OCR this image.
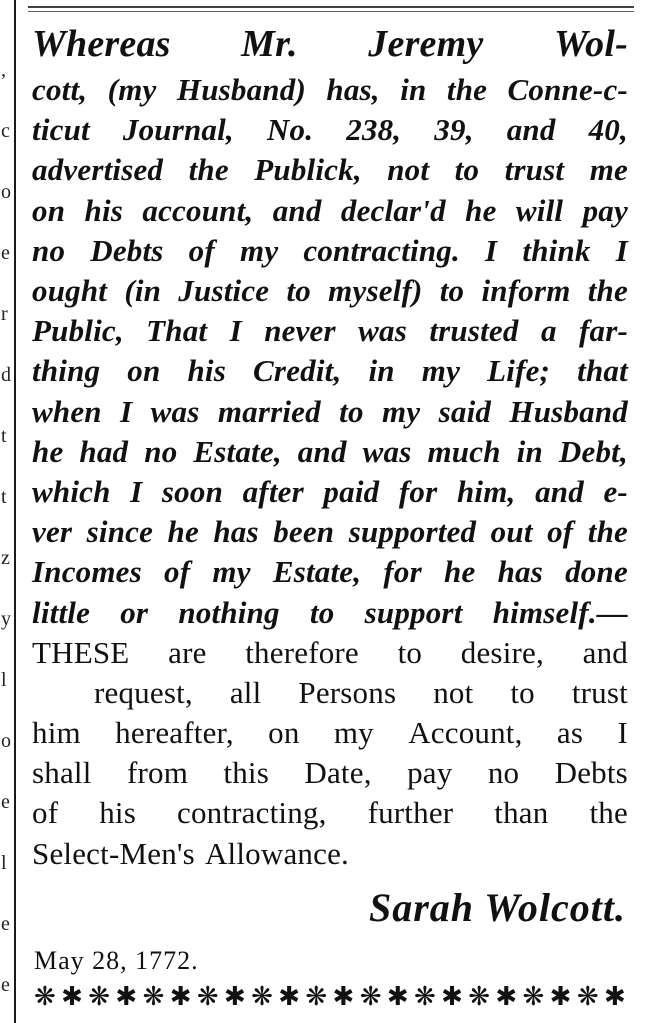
,
c
o
e
r
d
t
t
z
y
l
o
e
l
e
e
Whereas Mr. Jeremy Wol-
cott, (my Husband) has, in the Conne-c-
ticut Journal, No. 238, 39, and 40,
advertised the Publick, not to trust me
on his account, and declar'd he will pay
no Debts of my contracting. I think I
ought (in Justice to myself) to inform the
Public, That I never was trusted a far-
thing on his Credit, in my Life; that
when I was married to my said Husband
he had no Estate, and was much in Debt,
which I soon after paid for him, and e-
ver since he has been supported out of the
Incomes of my Estate, for he has done
little or nothing to support himself.—
THESE are therefore to desire, and
request, all Persons not to trust
him hereafter, on my Account, as I
shall from this Date, pay no Debts
of his contracting, further than the
Select-Men's Allowance.
Sarah Wolcott.
May 28, 1772.
❋ ✱ ❋ ✱ ❋ ✱ ❋ ✱ ❋ ✱ ❋ ✱ ❋ ✱ ❋ ✱ ❋ ✱ ❋ ✱ ❋ ✱
